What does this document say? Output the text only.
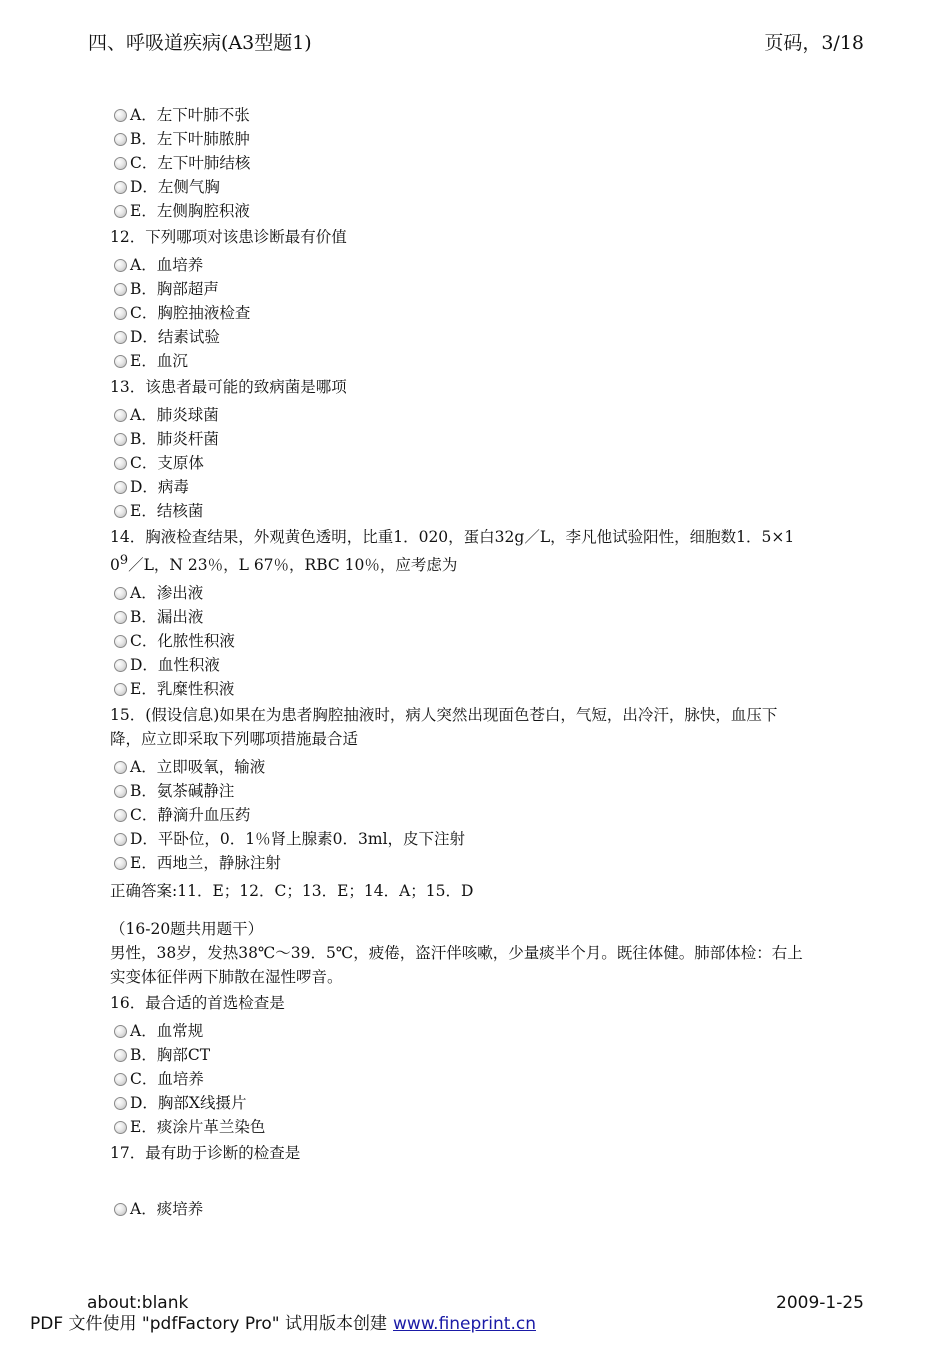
四、呼吸道疾病(A3型题1)	页码，3/18
A．左下叶肺不张
B．左下叶肺脓肿
C．左下叶肺结核
D．左侧气胸
E．左侧胸腔积液
12．下列哪项对该患诊断最有价值
A．血培养
B．胸部超声
C．胸腔抽液检查
D．结素试验
E．血沉
13．该患者最可能的致病菌是哪项
A．肺炎球菌
B．肺炎杆菌
C．支原体
D．病毒
E．结核菌
14．胸液检查结果，外观黄色透明，比重1．020，蛋白32g／L，李凡他试验阳性，细胞数1．5×1
$0^9/L$，N 23％，L 67％，RBC 10％，应考虑为
A．渗出液
B．漏出液
C．化脓性积液
D．血性积液
E．乳糜性积液
15．(假设信息)如果在为患者胸腔抽液时，病人突然出现面色苍白，气短，出冷汗，脉快，血压下
降，应立即采取下列哪项措施最合适
A．立即吸氧，输液
B．氨茶碱静注
C．静滴升血压药
D．平卧位，0．1％肾上腺素0．3ml，皮下注射
E．西地兰，静脉注射
正确答案:11．E；12．C；13．E；14．A；15．D
（16-20题共用题干）
男性，38岁，发热38℃～39．5℃，疲倦，盗汗伴咳嗽，少量痰半个月。既往体健。肺部体检：右上
实变体征伴两下肺散在湿性啰音。
16．最合适的首选检查是
A．血常规
B．胸部CT
C．血培养
D．胸部X线摄片
E．痰涂片革兰染色
17．最有助于诊断的检查是
A．痰培养
about:blank	2009-1-25
PDF 文件使用 "pdfFactory Pro" 试用版本创建 www.fineprint.cn
